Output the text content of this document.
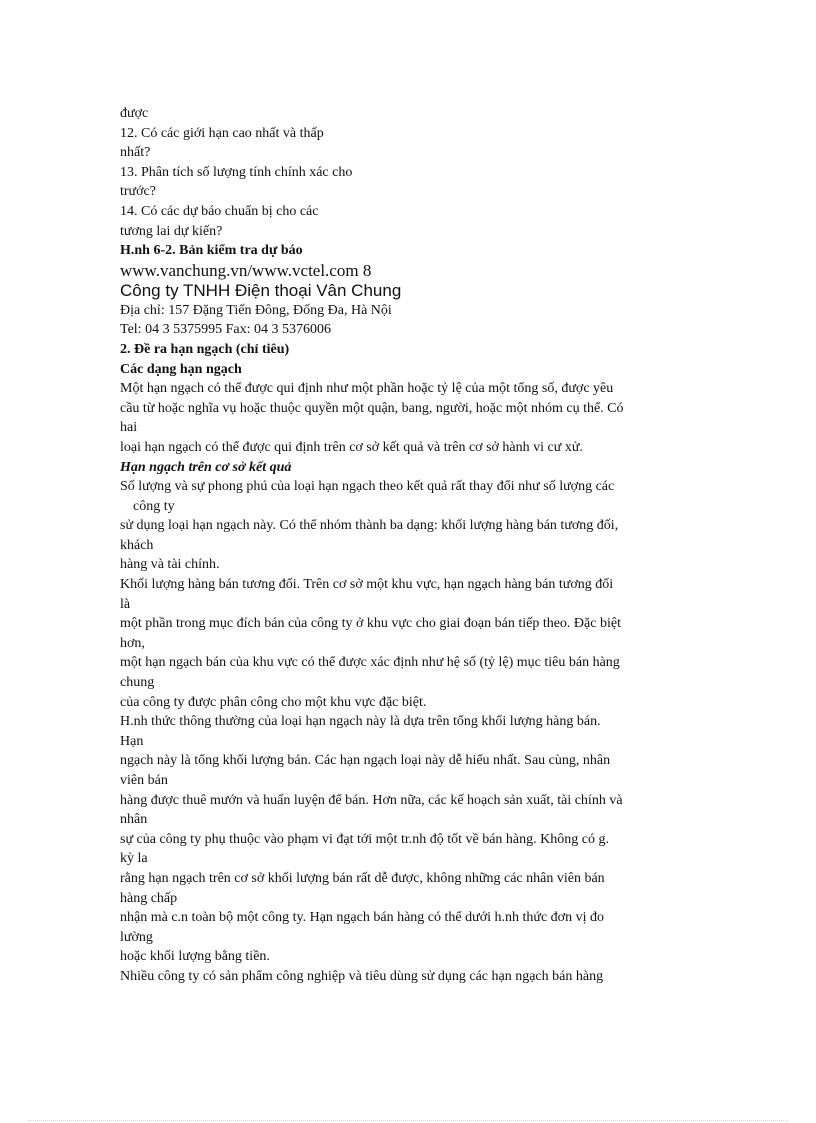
được

12. Có các giới hạn cao nhất và thấp

nhất?

13. Phân tích số lượng tính chính xác cho

trước?

14. Có các dự báo chuẩn bị cho các

tương lai dự kiến?

H.nh 6-2. Bản kiểm tra dự báo

www.vanchung.vn/www.vctel.com 8

Công ty TNHH Điện thoại Vân Chung

Địa chỉ: 157 Đặng Tiến Đông, Đống Đa, Hà Nội

Tel: 04 3 5375995 Fax: 04 3 5376006

2. Đề ra hạn ngạch (chỉ tiêu)

Các dạng hạn ngạch

Một hạn ngạch có thể được qui định như một phần hoặc tỷ lệ của một tổng số, được yêu

cầu từ hoặc nghĩa vụ hoặc thuộc quyền một quận, bang, người, hoặc một nhóm cụ thể. Có

hai

loại hạn ngạch có thể được qui định trên cơ sở kết quả và trên cơ sở hành vi cư xử.

Hạn ngạch trên cơ sở kết quả

Số lượng và sự phong phú của loại hạn ngạch theo kết quả rất thay đổi như số lượng các

công ty

sử dụng loại hạn ngạch này. Có thể nhóm thành ba dạng: khối lượng hàng bán tương đối,

khách

hàng và tài chính.

Khối lượng hàng bán tương đối. Trên cơ sở một khu vực, hạn ngạch hàng bán tương đối

là

một phần trong mục đích bán của công ty ở khu vực cho giai đoạn bán tiếp theo. Đặc biệt

hơn,

một hạn ngạch bán của khu vực có thể được xác định như hệ số (tỷ lệ) mục tiêu bán hàng

chung

của công ty được phân công cho một khu vực đặc biệt.

H.nh thức thông thường của loại hạn ngạch này là dựa trên tổng khối lượng hàng bán.

Hạn

ngạch này là tổng khối lượng bán. Các hạn ngạch loại này dễ hiểu nhất. Sau cùng, nhân

viên bán

hàng được thuê mướn và huấn luyện để bán. Hơn nữa, các kế hoạch sản xuất, tài chính và

nhân

sự của công ty phụ thuộc vào phạm vi đạt tới một tr.nh độ tốt về bán hàng. Không có g.

kỳ la

rằng hạn ngạch trên cơ sở khối lượng bán rất dễ được, không những các nhân viên bán

hàng chấp

nhận mà c.n toàn bộ một công ty. Hạn ngạch bán hàng có thể dưới h.nh thức đơn vị đo

lường

hoặc khối lượng bằng tiền.

Nhiều công ty có sản phẩm công nghiệp và tiêu dùng sử dụng các hạn ngạch bán hàng
